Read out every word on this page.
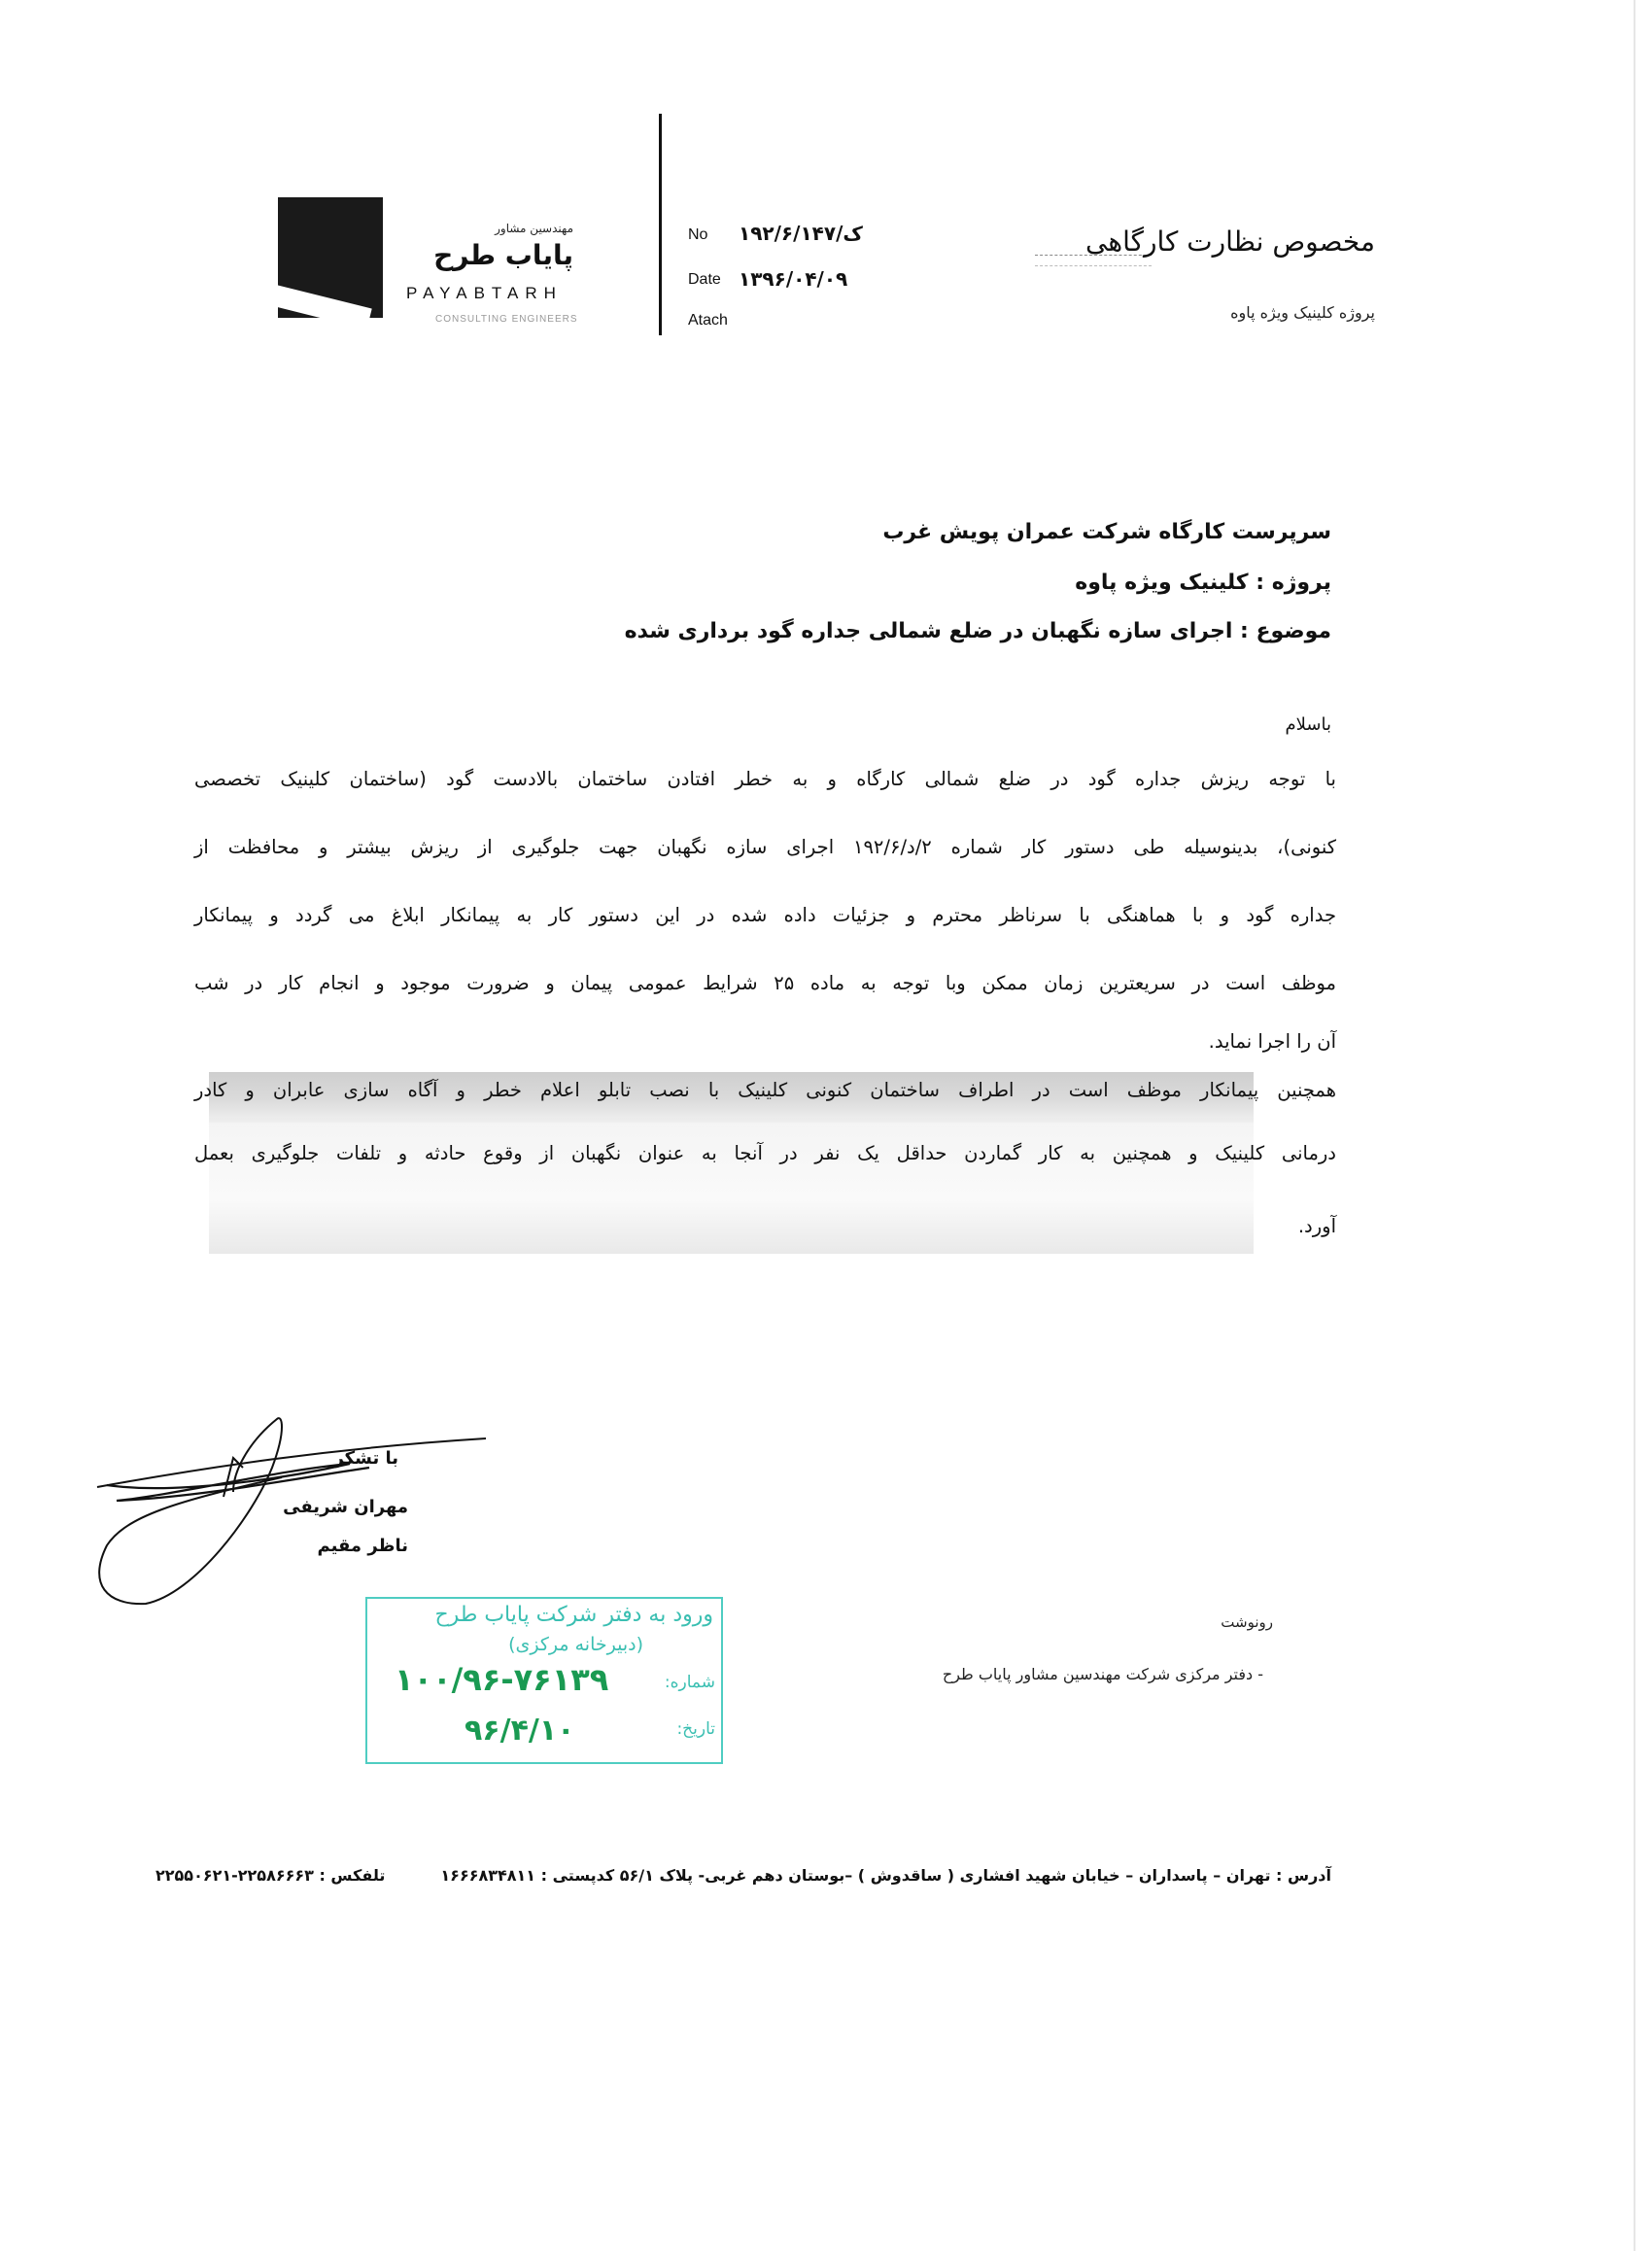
مهندسین مشاور
پایاب طرح
PAYABTARH
CONSULTING ENGINEERS
No ۱۹۲/۶/ک/۱۴۷
Date ۱۳۹۶/۰۴/۰۹
Atach
مخصوص نظارت کارگاهی
پروژه کلینیک ویژه پاوه
سرپرست کارگاه شرکت عمران پویش غرب
پروژه : کلینیک ویژه پاوه
موضوع : اجرای سازه نگهبان در ضلع شمالی جداره گود برداری شده
باسلام
با توجه ریزش جداره گود در ضلع شمالی کارگاه و به خطر افتادن ساختمان بالادست گود (ساختمان کلینیک تخصصی
کنونی)، بدینوسیله طی دستور کار شماره ۲/د/۱۹۲/۶ اجرای سازه نگهبان جهت جلوگیری از ریزش بیشتر و محافظت از
جداره گود و با هماهنگی با سرناظر محترم و جزئیات داده شده در این دستور کار به پیمانکار ابلاغ می گردد و پیمانکار
موظف است در سریعترین زمان ممکن وبا توجه به ماده ۲۵ شرایط عمومی پیمان و ضرورت موجود و انجام کار در شب
آن را اجرا نماید.
همچنین پیمانکار موظف است در اطراف ساختمان کنونی کلینیک با نصب تابلو اعلام خطر و آگاه سازی عابران و کادر
درمانی کلینیک و همچنین به کار گماردن حداقل یک نفر در آنجا به عنوان نگهبان از وقوع حادثه و تلفات جلوگیری بعمل
آورد.
با تشکر
مهران شریفی
ناظر مقیم
ورود به دفتر شرکت پایاب طرح
(دبیرخانه مرکزی)
شماره:
۱۰۰/۹۶-۷۶۱۳۹
تاریخ:
۹۶/۴/۱۰
رونوشت
- دفتر مرکزی شرکت مهندسین مشاور پایاب طرح
آدرس : تهران – پاسداران – خیابان شهید افشاری ( ساقدوش ) –بوستان دهم غربی- پلاک ۵۶/۱ کدپستی : ۱۶۶۶۸۳۴۸۱۱
تلفکس : ۲۲۵۸۶۶۶۳-۲۲۵۵۰۶۲۱
